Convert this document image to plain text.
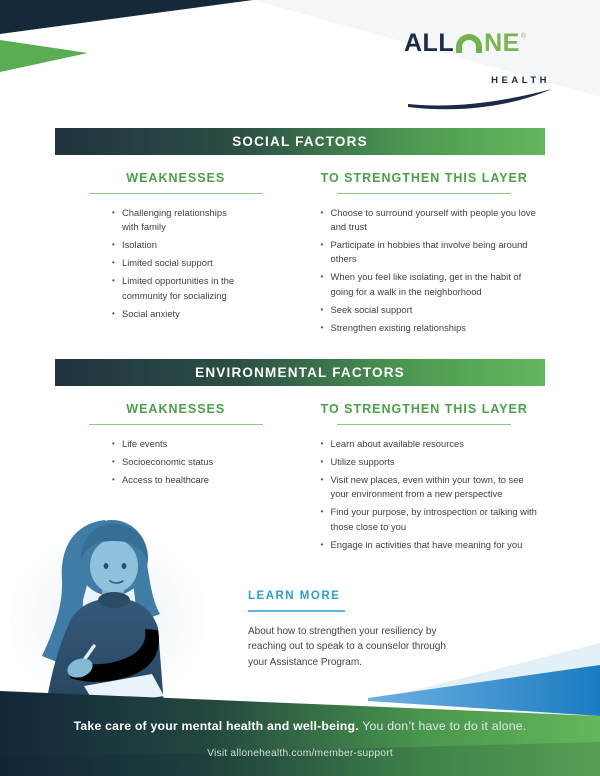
ALL NE ®
HEALTH
SOCIAL FACTORS
WEAKNESSES
• Challenging relationships with family
• Isolation
• Limited social support
• Limited opportunities in the community for socializing
• Social anxiety
TO STRENGTHEN THIS LAYER
• Choose to surround yourself with people you love and trust
• Participate in hobbies that involve being around others
• When you feel like isolating, get in the habit of going for a walk in the neighborhood
• Seek social support
• Strengthen existing relationships
ENVIRONMENTAL FACTORS
WEAKNESSES
• Life events
• Socioeconomic status
• Access to healthcare
TO STRENGTHEN THIS LAYER
• Learn about available resources
• Utilize supports
• Visit new places, even within your town, to see your environment from a new perspective
• Find your purpose, by introspection or talking with those close to you
• Engage in activities that have meaning for you
LEARN MORE
About how to strengthen your resiliency by reaching out to speak to a counselor through your Assistance Program.
Take care of your mental health and well-being. You don’t have to do it alone.
Visit allonehealth.com/member-support
